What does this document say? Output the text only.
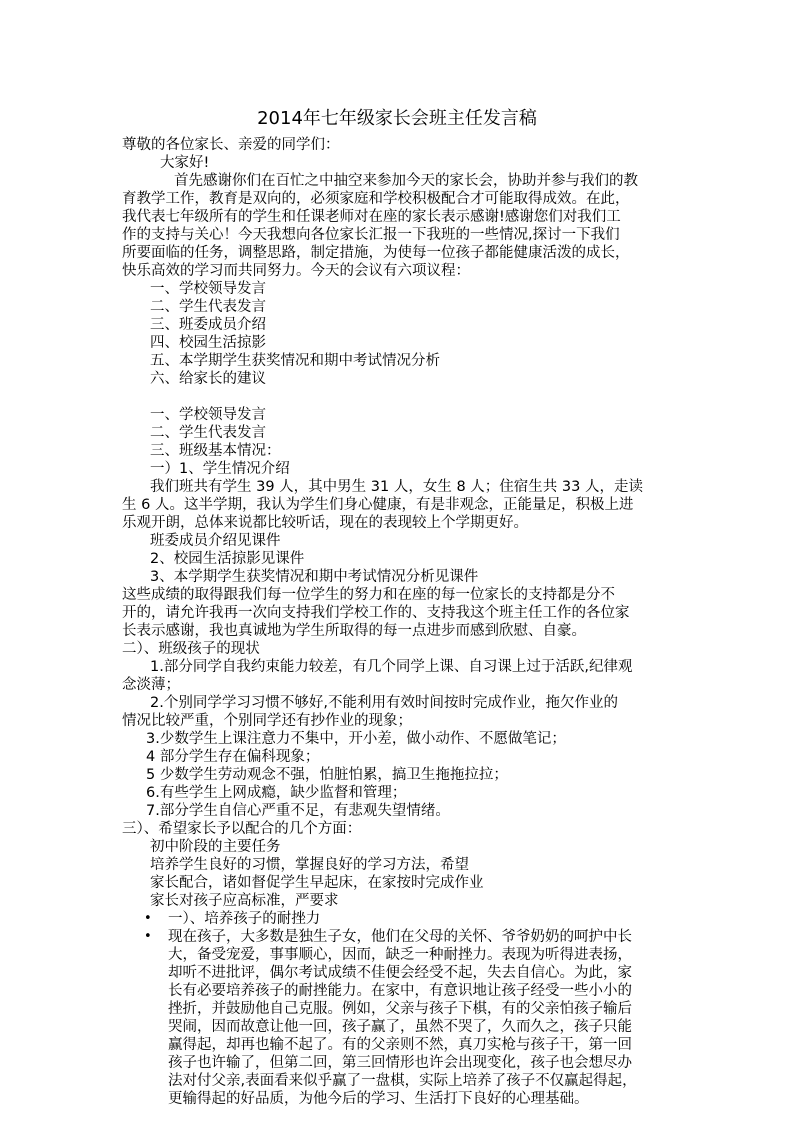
2014年七年级家长会班主任发言稿
尊敬的各位家长、亲爱的同学们：
大家好!
首先感谢你们在百忙之中抽空来参加今天的家长会，协助并参与我们的教
育教学工作，教育是双向的，必须家庭和学校积极配合才可能取得成效。在此，
我代表七年级所有的学生和任课老师对在座的家长表示感谢!感谢您们对我们工
作的支持与关心！今天我想向各位家长汇报一下我班的一些情况,探讨一下我们
所要面临的任务，调整思路，制定措施，为使每一位孩子都能健康活泼的成长，
快乐高效的学习而共同努力。今天的会议有六项议程：
一、学校领导发言
二、学生代表发言
三、班委成员介绍
四、校园生活掠影
五、本学期学生获奖情况和期中考试情况分析
六、给家长的建议
一、学校领导发言
二、学生代表发言
三、班级基本情况：
一）1、学生情况介绍
我们班共有学生 39 人，其中男生 31 人，女生 8 人；住宿生共 33 人，走读
生 6 人。这半学期，我认为学生们身心健康，有是非观念，正能量足，积极上进
乐观开朗，总体来说都比较听话，现在的表现较上个学期更好。
班委成员介绍见课件
2、校园生活掠影见课件
3、本学期学生获奖情况和期中考试情况分析见课件
这些成绩的取得跟我们每一位学生的努力和在座的每一位家长的支持都是分不
开的，请允许我再一次向支持我们学校工作的、支持我这个班主任工作的各位家
长表示感谢，我也真诚地为学生所取得的每一点进步而感到欣慰、自豪。
二）、班级孩子的现状
1.部分同学自我约束能力较差，有几个同学上课、自习课上过于活跃,纪律观
念淡薄；
2.个别同学学习习惯不够好,不能利用有效时间按时完成作业，拖欠作业的
情况比较严重，个别同学还有抄作业的现象；
3.少数学生上课注意力不集中，开小差，做小动作、不愿做笔记；
4 部分学生存在偏科现象；
5 少数学生劳动观念不强，怕脏怕累，搞卫生拖拖拉拉；
6.有些学生上网成瘾，缺少监督和管理；
7.部分学生自信心严重不足，有悲观失望情绪。
三）、希望家长予以配合的几个方面：
初中阶段的主要任务
培养学生良好的习惯，掌握良好的学习方法，希望
家长配合，诸如督促学生早起床，在家按时完成作业
家长对孩子应高标准，严要求
• 一）、培养孩子的耐挫力
• 现在孩子，大多数是独生子女，他们在父母的关怀、爷爷奶奶的呵护中长
大，备受宠爱，事事顺心，因而，缺乏一种耐挫力。表现为听得进表扬，
却听不进批评，偶尔考试成绩不佳便会经受不起，失去自信心。为此，家
长有必要培养孩子的耐挫能力。在家中，有意识地让孩子经受一些小小的
挫折，并鼓励他自己克服。例如，父亲与孩子下棋，有的父亲怕孩子输后
哭闹，因而故意让他一回，孩子赢了，虽然不哭了，久而久之，孩子只能
赢得起，却再也输不起了。有的父亲则不然，真刀实枪与孩子干，第一回
孩子也许输了，但第二回，第三回情形也许会出现变化，孩子也会想尽办
法对付父亲,表面看来似乎赢了一盘棋，实际上培养了孩子不仅赢起得起，
更输得起的好品质，为他今后的学习、生活打下良好的心理基础。
